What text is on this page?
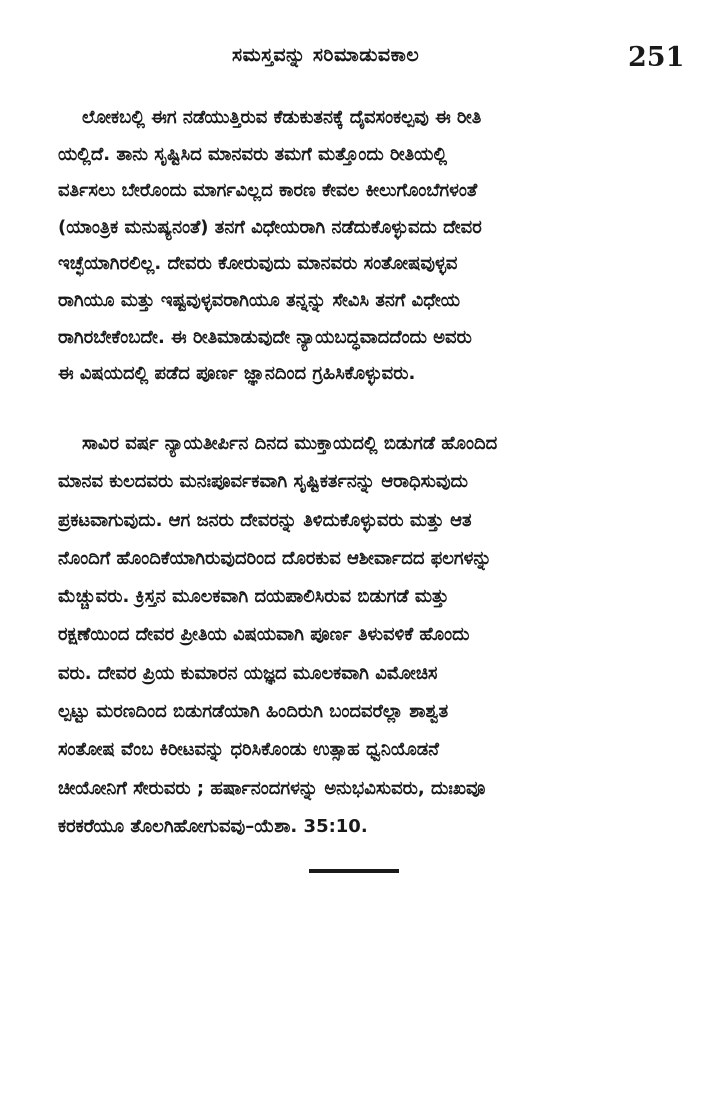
ಸಮಸ್ತವನ್ನು ಸರಿಮಾಡುವಕಾಲ	251
ಲೋಕಬಲ್ಲಿ ಈಗ ನಡೆಯುತ್ತಿರುವ ಕೆಡುಕುತನಕ್ಕೆ ದೈವಸಂಕಲ್ಪವು ಈ ರೀತಿ
ಯಲ್ಲಿದೆ. ತಾನು ಸೃಷ್ಟಿಸಿದ ಮಾನವರು ತಮಗೆ ಮತ್ತೊಂದು ರೀತಿಯಲ್ಲಿ
ವರ್ತಿಸಲು ಬೇರೊಂದು ಮಾರ್ಗವಿಲ್ಲದ ಕಾರಣ ಕೇವಲ ಕೀಲುಗೊಂಬೆಗಳಂತೆ
(ಯಾಂತ್ರಿಕ ಮನುಷ್ಯನಂತೆ) ತನಗೆ ವಿಧೇಯರಾಗಿ ನಡೆದುಕೊಳ್ಳುವದು ದೇವರ
ಇಚ್ಛೆಯಾಗಿರಲಿಲ್ಲ. ದೇವರು ಕೋರುವುದು ಮಾನವರು ಸಂತೋಷವುಳ್ಳವ
ರಾಗಿಯೂ ಮತ್ತು ಇಷ್ಟವುಳ್ಳವರಾಗಿಯೂ ತನ್ನನ್ನು ಸೇವಿಸಿ ತನಗೆ ವಿಧೇಯ
ರಾಗಿರಬೇಕೆಂಬದೇ. ಈ ರೀತಿಮಾಡುವುದೇ ನ್ಯಾಯಬದ್ಧವಾದದೆಂದು ಅವರು
ಈ ವಿಷಯದಲ್ಲಿ ಪಡೆದ ಪೂರ್ಣ ಜ್ಞಾನದಿಂದ ಗ್ರಹಿಸಿಕೊಳ್ಳುವರು.
ಸಾವಿರ ವರ್ಷ ನ್ಯಾಯತೀರ್ಪಿನ ದಿನದ ಮುಕ್ತಾಯದಲ್ಲಿ ಬಿಡುಗಡೆ ಹೊಂದಿದ
ಮಾನವ ಕುಲದವರು ಮನಃಪೂರ್ವಕವಾಗಿ ಸೃಷ್ಟಿಕರ್ತನನ್ನು ಆರಾಧಿಸುವುದು
ಪ್ರಕಟವಾಗುವುದು. ಆಗ ಜನರು ದೇವರನ್ನು ತಿಳಿದುಕೊಳ್ಳುವರು ಮತ್ತು ಆತ
ನೊಂದಿಗೆ ಹೊಂದಿಕೆಯಾಗಿರುವುದರಿಂದ ದೊರಕುವ ಆಶೀರ್ವಾದದ ಫಲಗಳನ್ನು
ಮೆಚ್ಚುವರು. ಕ್ರಿಸ್ತನ ಮೂಲಕವಾಗಿ ದಯಪಾಲಿಸಿರುವ ಬಿಡುಗಡೆ ಮತ್ತು
ರಕ್ಷಣೆಯಿಂದ ದೇವರ ಪ್ರೀತಿಯ ವಿಷಯವಾಗಿ ಪೂರ್ಣ ತಿಳುವಳಿಕೆ ಹೊಂದು
ವರು. ದೇವರ ಪ್ರಿಯ ಕುಮಾರನ ಯಜ್ಞದ ಮೂಲಕವಾಗಿ ವಿಮೋಚಿಸ
ಲ್ಪಟ್ಟು ಮರಣದಿಂದ ಬಿಡುಗಡೆಯಾಗಿ ಹಿಂದಿರುಗಿ ಬಂದವರೆಲ್ಲಾ ಶಾಶ್ವತ
ಸಂತೋಷ ವೆಂಬ ಕಿರೀಟವನ್ನು ಧರಿಸಿಕೊಂಡು ಉತ್ಸಾಹ ಧ್ವನಿಯೊಡನೆ
ಚೀಯೋನಿಗೆ ಸೇರುವರು ; ಹರ್ಷಾನಂದಗಳನ್ನು ಅನುಭವಿಸುವರು, ದುಃಖವೂ
ಕರಕರೆಯೂ ತೊಲಗಿಹೋಗುವವು–ಯೆಶಾ. 35:10.
